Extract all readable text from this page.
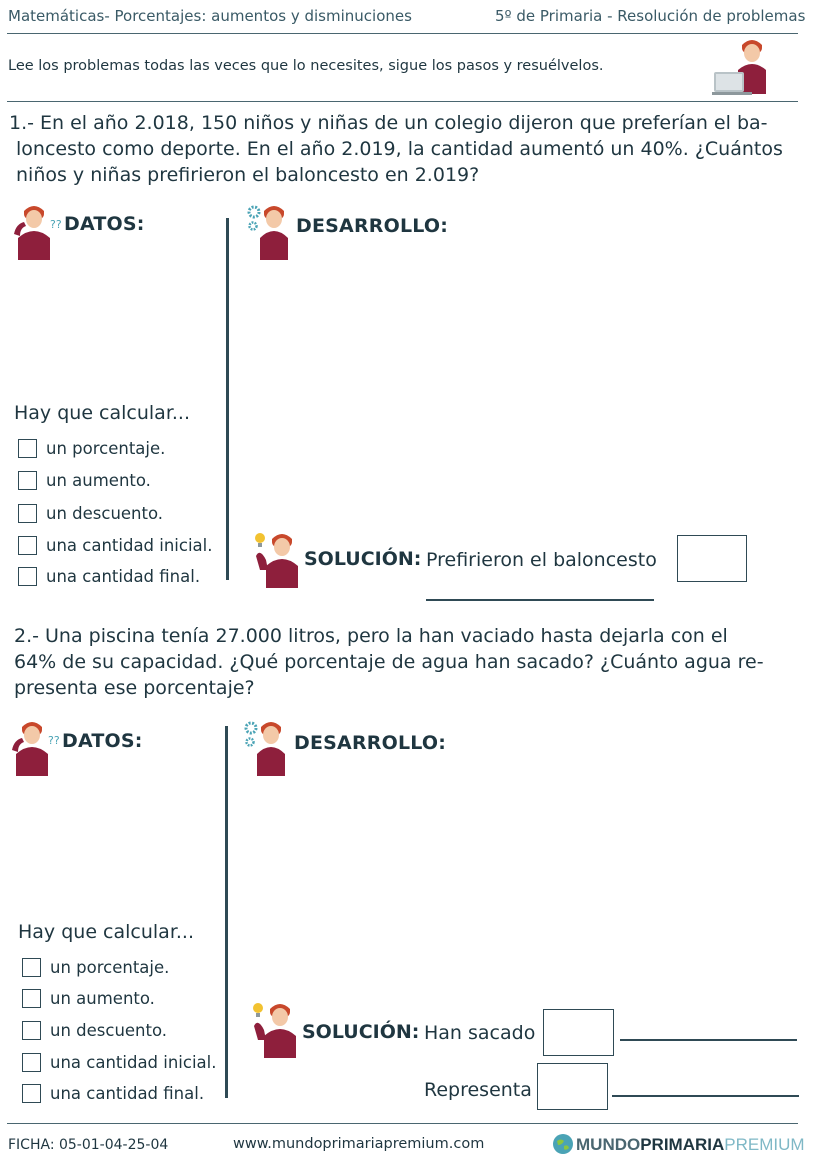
Matemáticas- Porcentajes: aumentos y disminuciones	5º de Primaria - Resolución de problemas
Lee los problemas todas las veces que lo necesites, sigue los pasos y resuélvelos.
1.- En el año 2.018, 150 niños y niñas de un colegio dijeron que preferían el ba-
loncesto como deporte. En el año 2.019, la cantidad aumentó un 40%. ¿Cuántos
niños y niñas prefirieron el baloncesto en 2.019?
?? DATOS:	DESARROLLO:
Hay que calcular...
un porcentaje.
un aumento.
un descuento.
una cantidad inicial.
una cantidad final.
SOLUCIÓN: Prefirieron el baloncesto
2.- Una piscina tenía 27.000 litros, pero la han vaciado hasta dejarla con el
64% de su capacidad. ¿Qué porcentaje de agua han sacado? ¿Cuánto agua re-
presenta ese porcentaje?
?? DATOS:	DESARROLLO:
Hay que calcular...
un porcentaje.
un aumento.
un descuento.
una cantidad inicial.
una cantidad final.
SOLUCIÓN: Han sacado
Representa
FICHA: 05-01-04-25-04	www.mundoprimariapremium.com	MUNDOPRIMARIAPREMIUM
